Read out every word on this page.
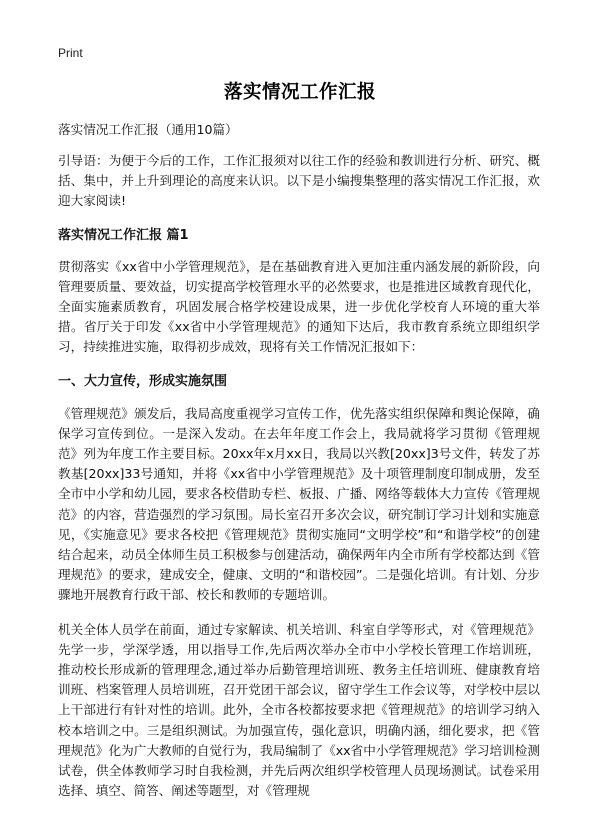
Print
落实情况工作汇报

落实情况工作汇报（通用10篇）

引导语：为便于今后的工作，工作汇报须对以往工作的经验和教训进行分析、研究、概括、集中，并上升到理论的高度来认识。以下是小编搜集整理的落实情况工作汇报，欢迎大家阅读!

落实情况工作汇报 篇1

贯彻落实《xx省中小学管理规范》，是在基础教育进入更加注重内涵发展的新阶段，向管理要质量、要效益，切实提高学校管理水平的必然要求，也是推进区域教育现代化，全面实施素质教育，巩固发展合格学校建设成果，进一步优化学校育人环境的重大举措。省厅关于印发《xx省中小学管理规范》的通知下达后，我市教育系统立即组织学习，持续推进实施，取得初步成效，现将有关工作情况汇报如下：

一、大力宣传，形成实施氛围

《管理规范》颁发后，我局高度重视学习宣传工作，优先落实组织保障和舆论保障，确保学习宣传到位。一是深入发动。在去年年度工作会上，我局就将学习贯彻《管理规范》列为年度工作主要目标。20xx年x月xx日，我局以兴教[20xx]3号文件，转发了苏教基[20xx]33号通知，并将《xx省中小学管理规范》及十项管理制度印制成册，发至全市中小学和幼儿园，要求各校借助专栏、板报、广播、网络等载体大力宣传《管理规范》的内容，营造强烈的学习氛围。局长室召开多次会议，研究制订学习计划和实施意见，《实施意见》要求各校把《管理规范》贯彻实施同“文明学校”和“和谐学校”的创建结合起来，动员全体师生员工积极参与创建活动，确保两年内全市所有学校都达到《管理规范》的要求，建成安全，健康、文明的“和谐校园”。二是强化培训。有计划、分步骤地开展教育行政干部、校长和教师的专题培训。

机关全体人员学在前面，通过专家解读、机关培训、科室自学等形式，对《管理规范》先学一步，学深学透，用以指导工作,先后两次举办全市中小学校长管理工作培训班，推动校长形成新的管理理念,通过举办后勤管理培训班、教务主任培训班、健康教育培训班、档案管理人员培训班，召开党团干部会议，留守学生工作会议等，对学校中层以上干部进行有针对性的培训。此外，全市各校都按要求把《管理规范》的培训学习纳入校本培训之中。三是组织测试。为加强宣传，强化意识，明确内涵，细化要求，把《管理规范》化为广大教师的自觉行为，我局编制了《xx省中小学管理规范》学习培训检测试卷，供全体教师学习时自我检测，并先后两次组织学校管理人员现场测试。试卷采用选择、填空、简答、阐述等题型，对《管理规
